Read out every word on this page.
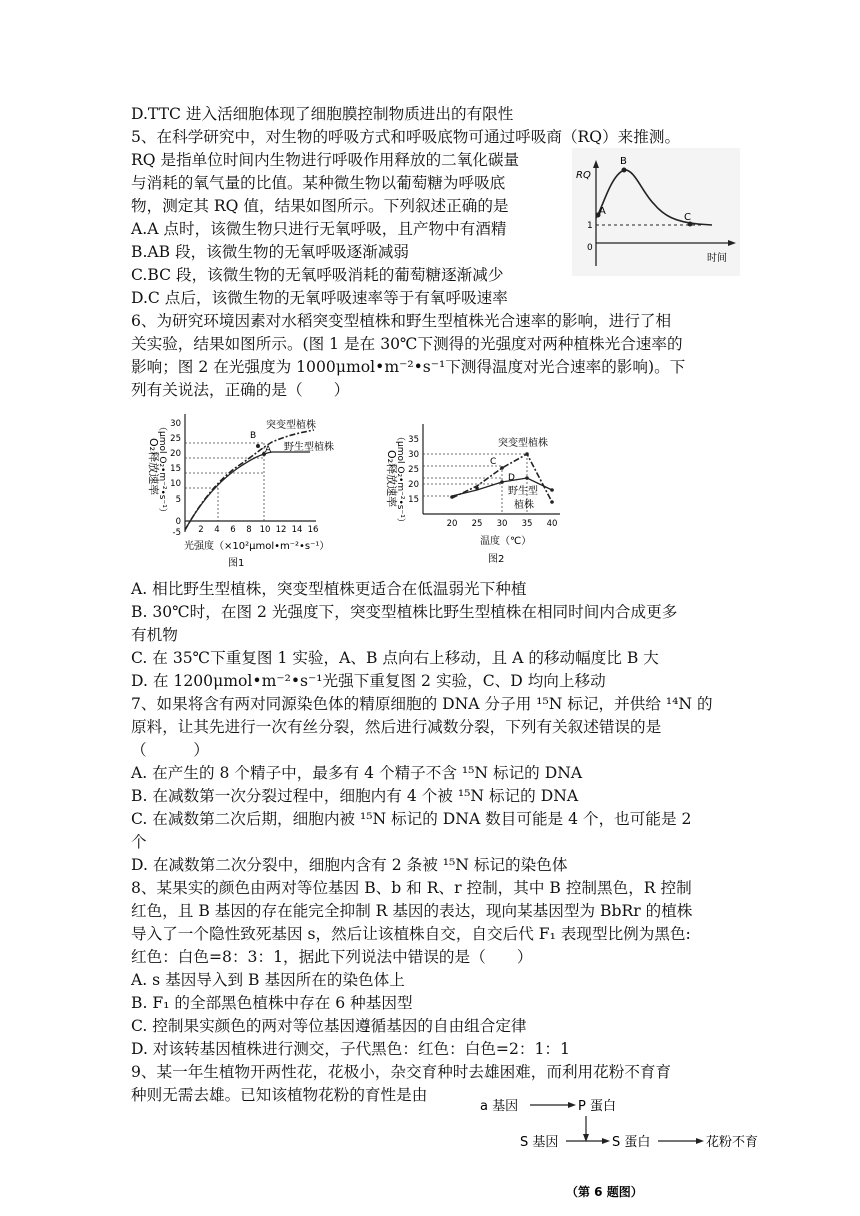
D.TTC 进入活细胞体现了细胞膜控制物质进出的有限性
5、在科学研究中，对生物的呼吸方式和呼吸底物可通过呼吸商（RQ）来推测。
RQ 是指单位时间内生物进行呼吸作用释放的二氧化碳量
与消耗的氧气量的比值。某种微生物以葡萄糖为呼吸底
物，测定其 RQ 值，结果如图所示。下列叙述正确的是
A.A 点时，该微生物只进行无氧呼吸，且产物中有酒精
B.AB 段，该微生物的无氧呼吸逐渐减弱
C.BC 段，该微生物的无氧呼吸消耗的葡萄糖逐渐减少
D.C 点后，该微生物的无氧呼吸速率等于有氧呼吸速率
6、为研究环境因素对水稻突变型植株和野生型植株光合速率的影响，进行了相
关实验，结果如图所示。(图 1 是在 30℃下测得的光强度对两种植株光合速率的
影响；图 2 在光强度为 1000μmol•m⁻²•s⁻¹下测得温度对光合速率的影响)。下
列有关说法，正确的是（　　）
A. 相比野生型植株，突变型植株更适合在低温弱光下种植
B. 30℃时，在图 2 光强度下，突变型植株比野生型植株在相同时间内合成更多
有机物
C. 在 35℃下重复图 1 实验，A、B 点向右上移动，且 A 的移动幅度比 B 大
D. 在 1200μmol•m⁻²•s⁻¹光强下重复图 2 实验，C、D 均向上移动
7、如果将含有两对同源染色体的精原细胞的 DNA 分子用 ¹⁵N 标记，并供给 ¹⁴N 的
原料，让其先进行一次有丝分裂，然后进行减数分裂，下列有关叙述错误的是
（　　　）
A. 在产生的 8 个精子中，最多有 4 个精子不含 ¹⁵N 标记的 DNA
B. 在减数第一次分裂过程中，细胞内有 4 个被 ¹⁵N 标记的 DNA
C. 在减数第二次后期，细胞内被 ¹⁵N 标记的 DNA 数目可能是 4 个，也可能是 2
个
D. 在减数第二次分裂中，细胞内含有 2 条被 ¹⁵N 标记的染色体
8、某果实的颜色由两对等位基因 B、b 和 R、r 控制，其中 B 控制黑色，R 控制
红色，且 B 基因的存在能完全抑制 R 基因的表达，现向某基因型为 BbRr 的植株
导入了一个隐性致死基因 s，然后让该植株自交，自交后代 F₁ 表现型比例为黑色:
红色：白色=8：3：1，据此下列说法中错误的是（　　）
A. s 基因导入到 B 基因所在的染色体上
B. F₁ 的全部黑色植株中存在 6 种基因型
C. 控制果实颜色的两对等位基因遵循基因的自由组合定律
D. 对该转基因植株进行测交，子代黑色：红色：白色=2：1：1
9、某一年生植物开两性花，花极小，杂交育种时去雄困难，而利用花粉不育育
种则无需去雄。已知该植物花粉的育性是由
RQ
A
B
C
1
0
时间
O₂释放速率
（μmol O₂•m⁻²•s⁻¹） 30
25
20
15
10
5
0
-5 2 4 6 8 10 12 14 16
B
A
突变型植株
野生型植株
光强度（×10²μmol•m⁻²•s⁻¹）
图1
O₂释放速率
（μmol O₂•m⁻²•s⁻¹） 35
30
25
20
15
20 25 30 35 40
C
D
突变型植株
野生型
植株
温度（℃）
图2
a 基因	P 蛋白
S 基因	S 蛋白	花粉不育
（第 6 题图）
